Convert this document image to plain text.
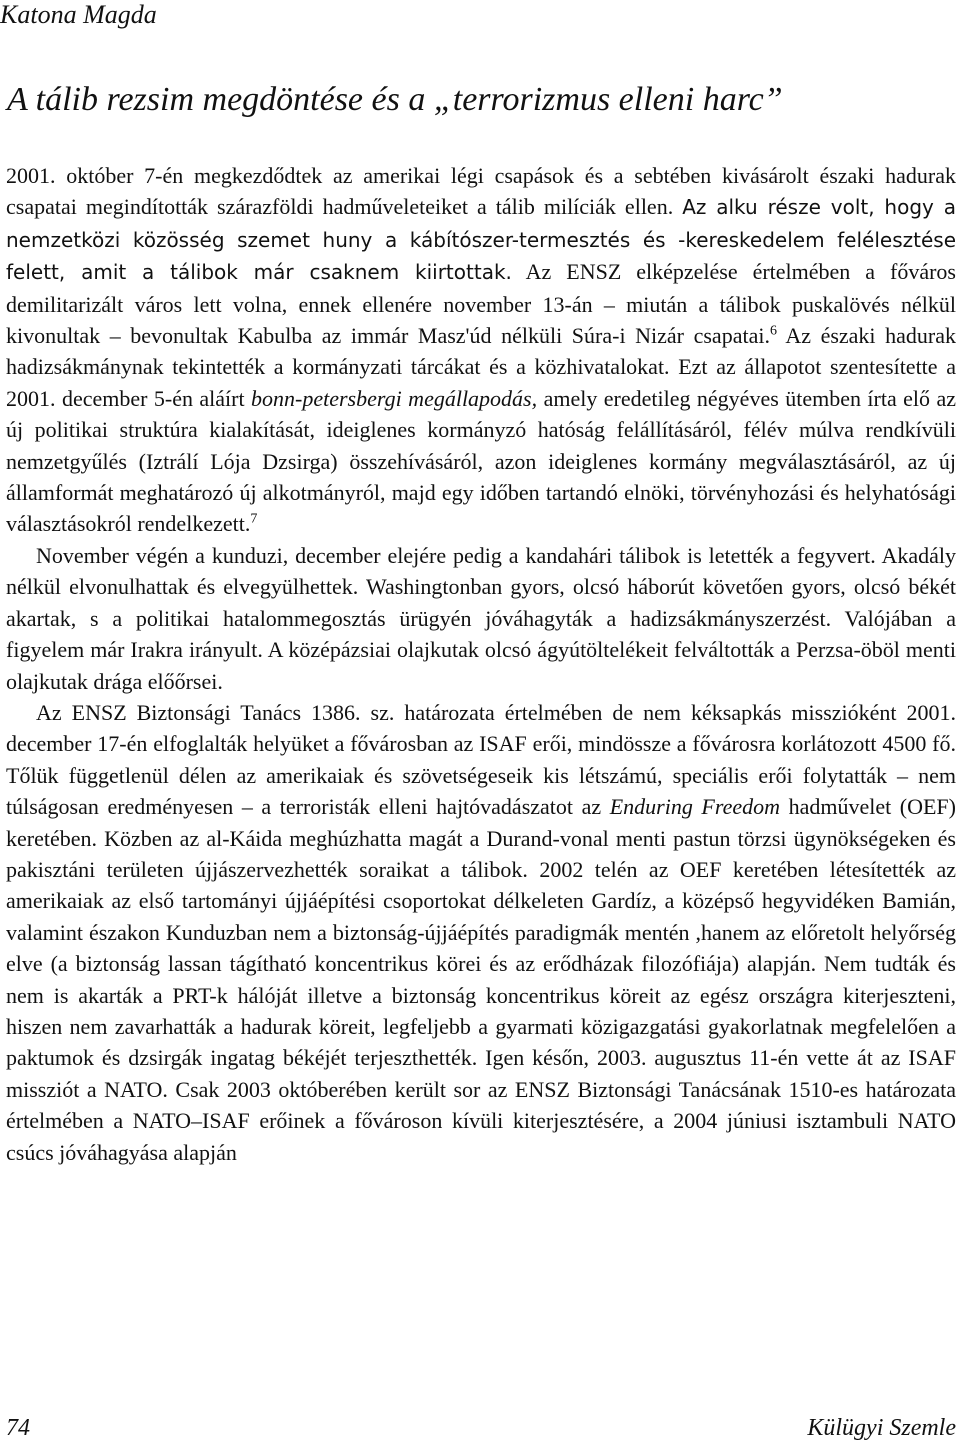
Katona Magda
A tálib rezsim megdöntése és a „terrorizmus elleni harc”

2001. október 7-én megkezdődtek az amerikai légi csapások és a sebtében kivásárolt északi hadurak csapatai megindították szárazföldi hadműveleteiket a tálib milíciák ellen. Az alku része volt, hogy a nemzetközi közösség szemet huny a kábítószer-termesztés és -kereskedelem felélesztése felett, amit a tálibok már csaknem kiirtottak. Az ENSZ elképzelése értelmében a főváros demilitarizált város lett volna, ennek ellenére november 13-án – miután a tálibok puskalövés nélkül kivonultak – bevonultak Kabulba az immár Masz'úd nélküli Súra-i Nizár csapatai.$^6$ Az északi hadurak hadizsákmánynak tekintették a kormányzati tárcákat és a közhivatalokat. Ezt az állapotot szentesítette a 2001. december 5-én aláírt bonn-petersbergi megállapodás, amely eredetileg négyéves ütemben írta elő az új politikai struktúra kialakítását, ideiglenes kormányzó hatóság felállításáról, félév múlva rendkívüli nemzetgyűlés (Iztrálí Lója Dzsirga) összehívásáról, azon ideiglenes kormány megválasztásáról, az új államformát meghatározó új alkotmányról, majd egy időben tartandó elnöki, törvényhozási és helyhatósági választásokról rendelkezett.$^7$

November végén a kunduzi, december elejére pedig a kandahári tálibok is letették a fegyvert. Akadály nélkül elvonulhattak és elvegyülhettek. Washingtonban gyors, olcsó háborút követően gyors, olcsó békét akartak, s a politikai hatalommegosztás ürügyén jóváhagyták a hadizsákmányszerzést. Valójában a figyelem már Irakra irányult. A középázsiai olajkutak olcsó ágyútöltelékeit felváltották a Perzsa-öböl menti olajkutak drága előőrsei.

Az ENSZ Biztonsági Tanács 1386. sz. határozata értelmében de nem kéksapkás misszióként 2001. december 17-én elfoglalták helyüket a fővárosban az ISAF erői, mindössze a fővárosra korlátozott 4500 fő. Tőlük függetlenül délen az amerikaiak és szövetségeseik kis létszámú, speciális erői folytatták – nem túlságosan eredményesen – a terroristák elleni hajtóvadászatot az Enduring Freedom hadművelet (OEF) keretében. Közben az al-Káida meghúzhatta magát a Durand-vonal menti pastun törzsi ügynökségeken és pakisztáni területen újjászervezhették soraikat a tálibok. 2002 telén az OEF keretében létesítették az amerikaiak az első tartományi újjáépítési csoportokat délkeleten Gardíz, a középső hegyvidéken Bamián, valamint északon Kunduzban nem a biztonság-újjáépítés paradigmák mentén ,hanem az előretolt helyőrség elve (a biztonság lassan tágítható koncentrikus körei és az erődházak filozófiája) alapján. Nem tudták és nem is akarták a PRT-k hálóját illetve a biztonság koncentrikus köreit az egész országra kiterjeszteni, hiszen nem zavarhatták a hadurak köreit, legfeljebb a gyarmati közigazgatási gyakorlatnak megfelelően a paktumok és dzsirgák ingatag békéjét terjeszthették. Igen későn, 2003. augusztus 11-én vette át az ISAF missziót a NATO. Csak 2003 októberében került sor az ENSZ Biztonsági Tanácsának 1510-es határozata értelmében a NATO–ISAF erőinek a fővároson kívüli kiterjesztésére, a 2004 júniusi isztambuli NATO csúcs jóváhagyása alapján

74	Külügyi Szemle
